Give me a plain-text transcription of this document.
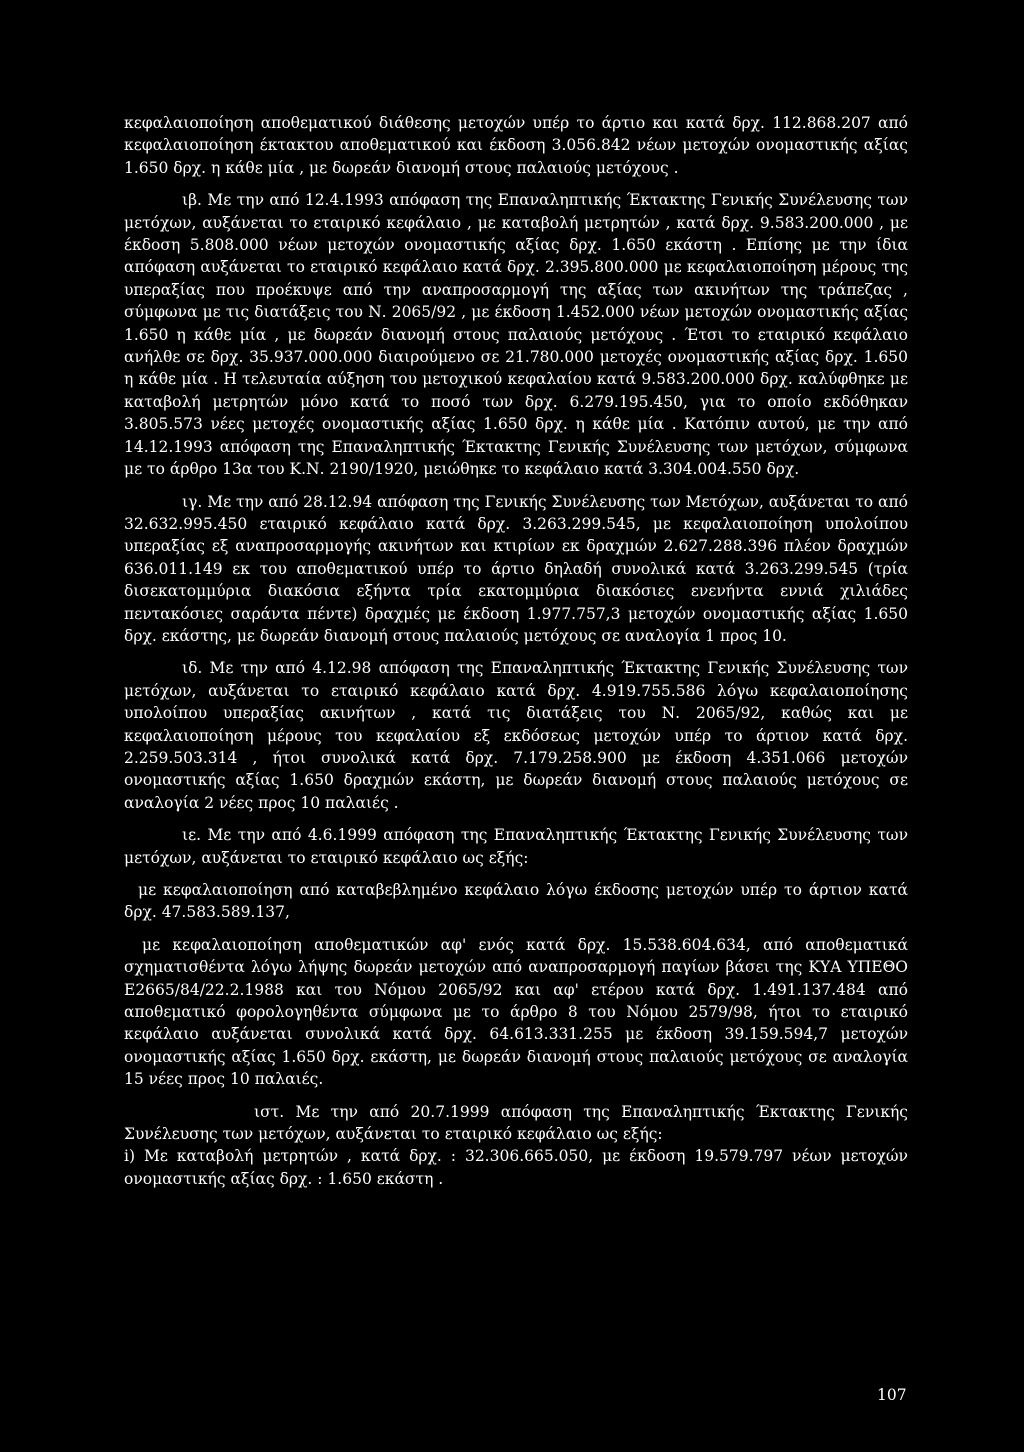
κεφαλαιοποίηση αποθεματικού διάθεσης μετοχών υπέρ το άρτιο και κατά δρχ. 112.868.207 από κεφαλαιοποίηση έκτακτου αποθεματικού και έκδοση 3.056.842 νέων μετοχών ονομαστικής αξίας 1.650 δρχ. η κάθε μία , με δωρεάν διανομή στους παλαιούς μετόχους .

ιβ. Με την από 12.4.1993 απόφαση της Επαναληπτικής Έκτακτης Γενικής Συνέλευσης των μετόχων, αυξάνεται το εταιρικό κεφάλαιο , με καταβολή μετρητών , κατά δρχ. 9.583.200.000 , με έκδοση 5.808.000 νέων μετοχών ονομαστικής αξίας δρχ. 1.650 εκάστη . Επίσης με την ίδια απόφαση αυξάνεται το εταιρικό κεφάλαιο κατά δρχ. 2.395.800.000 με κεφαλαιοποίηση μέρους της υπεραξίας που προέκυψε από την αναπροσαρμογή της αξίας των ακινήτων της τράπεζας , σύμφωνα με τις διατάξεις του Ν. 2065/92 , με έκδοση 1.452.000 νέων μετοχών ονομαστικής αξίας 1.650 η κάθε μία , με δωρεάν διανομή στους παλαιούς μετόχους . Έτσι το εταιρικό κεφάλαιο ανήλθε σε δρχ. 35.937.000.000 διαιρούμενο σε 21.780.000 μετοχές ονομαστικής αξίας δρχ. 1.650 η κάθε μία . Η τελευταία αύξηση του μετοχικού κεφαλαίου κατά 9.583.200.000 δρχ. καλύφθηκε με καταβολή μετρητών μόνο κατά το ποσό των δρχ. 6.279.195.450, για το οποίο εκδόθηκαν 3.805.573 νέες μετοχές ονομαστικής αξίας 1.650 δρχ. η κάθε μία . Κατόπιν αυτού, με την από 14.12.1993 απόφαση της Επαναληπτικής Έκτακτης Γενικής Συνέλευσης των μετόχων, σύμφωνα με το άρθρο 13α του Κ.Ν. 2190/1920, μειώθηκε το κεφάλαιο κατά 3.304.004.550 δρχ.

ιγ. Με την από 28.12.94 απόφαση της Γενικής Συνέλευσης των Μετόχων, αυξάνεται το από 32.632.995.450 εταιρικό κεφάλαιο κατά δρχ. 3.263.299.545, με κεφαλαιοποίηση υπολοίπου υπεραξίας εξ αναπροσαρμογής ακινήτων και κτιρίων εκ δραχμών 2.627.288.396 πλέον δραχμών 636.011.149 εκ του αποθεματικού υπέρ το άρτιο δηλαδή συνολικά κατά 3.263.299.545 (τρία δισεκατομμύρια διακόσια εξήντα τρία εκατομμύρια διακόσιες ενενήντα εννιά χιλιάδες πεντακόσιες σαράντα πέντε) δραχμές με έκδοση 1.977.757,3 μετοχών ονομαστικής αξίας 1.650 δρχ. εκάστης, με δωρεάν διανομή στους παλαιούς μετόχους σε αναλογία 1 προς 10.

ιδ. Με την από 4.12.98 απόφαση της Επαναληπτικής Έκτακτης Γενικής Συνέλευσης των μετόχων, αυξάνεται το εταιρικό κεφάλαιο κατά δρχ. 4.919.755.586 λόγω κεφαλαιοποίησης υπολοίπου υπεραξίας ακινήτων , κατά τις διατάξεις του Ν. 2065/92, καθώς και με κεφαλαιοποίηση μέρους του κεφαλαίου εξ εκδόσεως μετοχών υπέρ το άρτιον κατά δρχ. 2.259.503.314 , ήτοι συνολικά κατά δρχ. 7.179.258.900 με έκδοση 4.351.066 μετοχών ονομαστικής αξίας 1.650 δραχμών εκάστη, με δωρεάν διανομή στους παλαιούς μετόχους σε αναλογία 2 νέες προς 10 παλαιές .

ιε. Με την από 4.6.1999 απόφαση της Επαναληπτικής Έκτακτης Γενικής Συνέλευσης των μετόχων, αυξάνεται το εταιρικό κεφάλαιο ως εξής:

με κεφαλαιοποίηση από καταβεβλημένο κεφάλαιο λόγω έκδοσης μετοχών υπέρ το άρτιον κατά δρχ. 47.583.589.137,

με κεφαλαιοποίηση αποθεματικών αφ' ενός κατά δρχ. 15.538.604.634, από αποθεματικά σχηματισθέντα λόγω λήψης δωρεάν μετοχών από αναπροσαρμογή παγίων βάσει της ΚΥΑ ΥΠΕΘΟ Ε2665/84/22.2.1988 και του Νόμου 2065/92 και αφ' ετέρου κατά δρχ. 1.491.137.484 από αποθεματικό φορολογηθέντα σύμφωνα με το άρθρο 8 του Νόμου 2579/98, ήτοι το εταιρικό κεφάλαιο αυξάνεται συνολικά κατά δρχ. 64.613.331.255 με έκδοση 39.159.594,7 μετοχών ονομαστικής αξίας 1.650 δρχ. εκάστη, με δωρεάν διανομή στους παλαιούς μετόχους σε αναλογία 15 νέες προς 10 παλαιές.

ιστ. Με την από 20.7.1999 απόφαση της Επαναληπτικής Έκτακτης Γενικής Συνέλευσης των μετόχων, αυξάνεται το εταιρικό κεφάλαιο ως εξής:

i) Με καταβολή μετρητών , κατά δρχ. : 32.306.665.050, με έκδοση 19.579.797 νέων μετοχών ονομαστικής αξίας δρχ. : 1.650 εκάστη .

107
